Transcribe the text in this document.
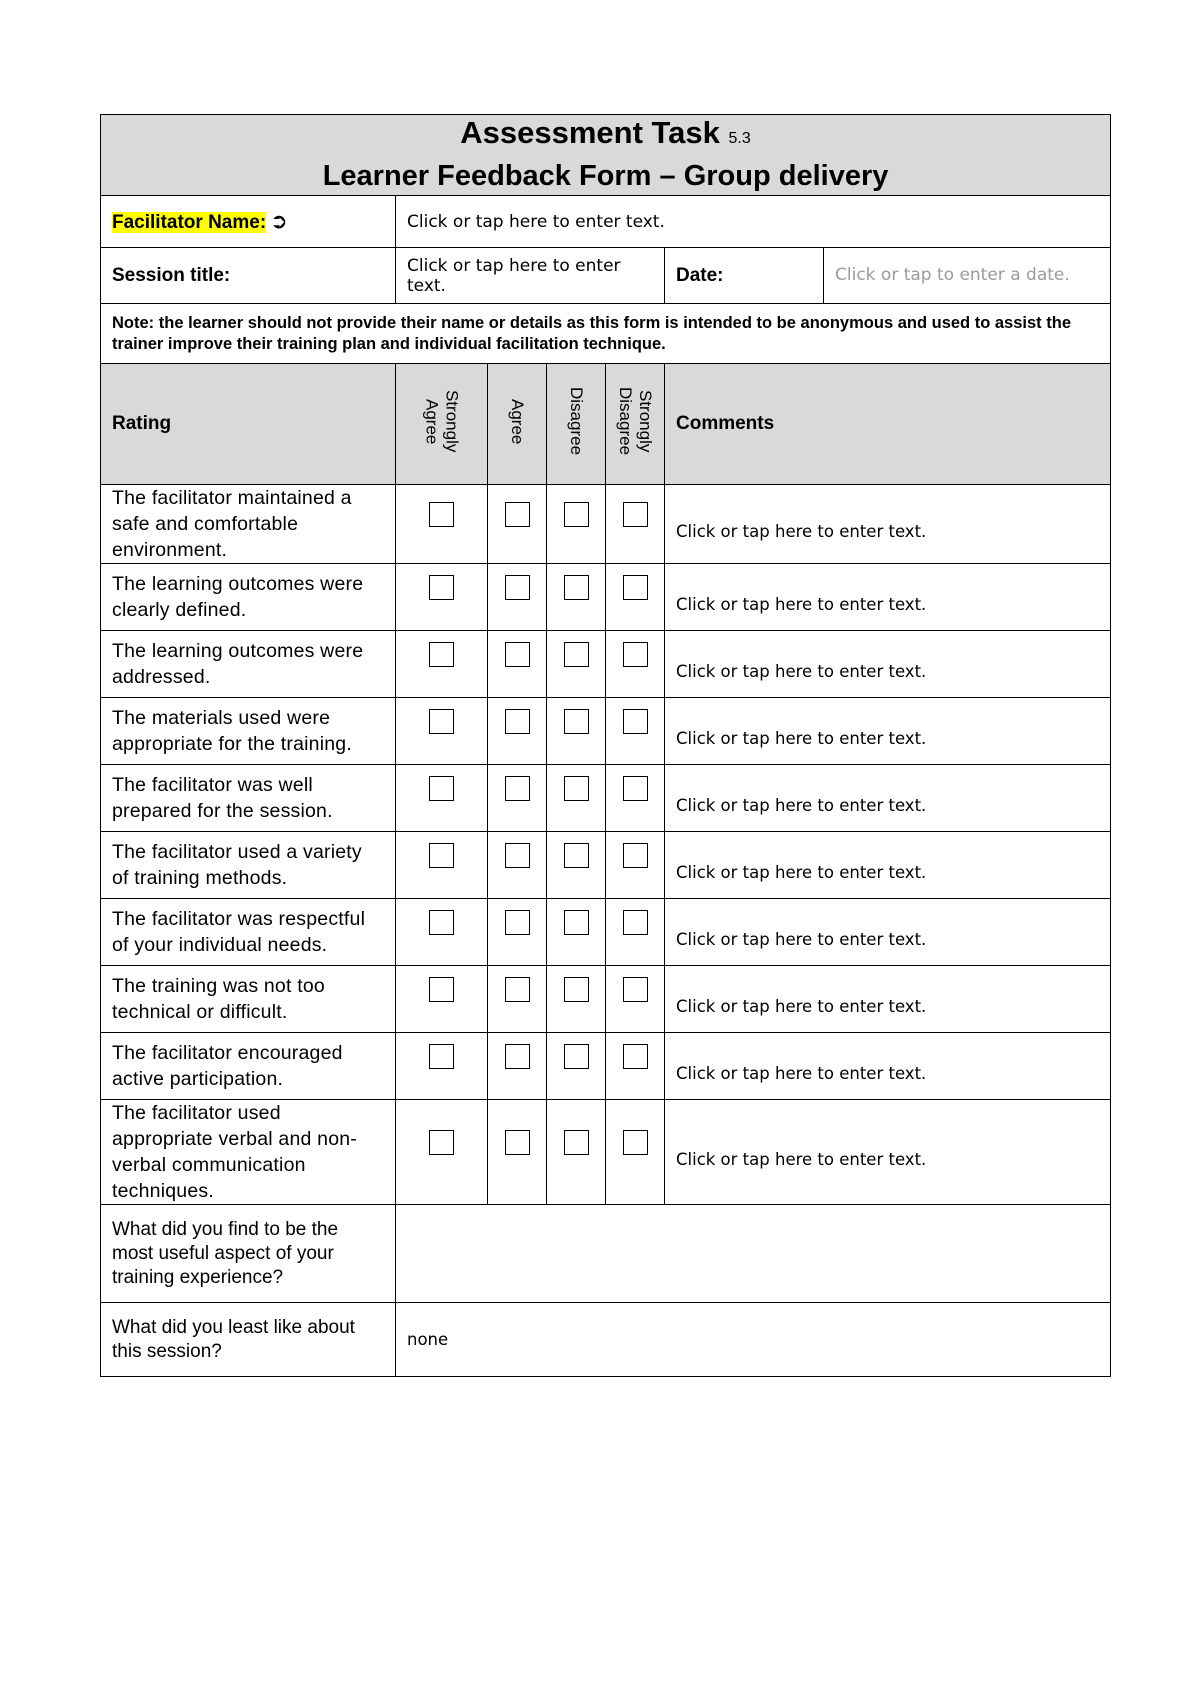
Assessment Task 5.3
Learner Feedback Form – Group delivery						

Facilitator Name: ➲	Click or tap here to enter text.					
Session title:	Click or tap here to enter text.				Date:	Click or tap to enter a date.
Note: the learner should not provide their name or details as this form is intended to be anonymous and used to assist the trainer improve their training plan and individual facilitation technique.						
Rating	Strongly Agree	Agree	Disagree	Strongly Disagree	Comments	
The facilitator maintained a safe and comfortable environment.					Click or tap here to enter text.	
The learning outcomes were clearly defined.					Click or tap here to enter text.	
The learning outcomes were addressed.					Click or tap here to enter text.	
The materials used were appropriate for the training.					Click or tap here to enter text.	
The facilitator was well prepared for the session.					Click or tap here to enter text.	
The facilitator used a variety of training methods.					Click or tap here to enter text.	
The facilitator was respectful of your individual needs.					Click or tap here to enter text.	
The training was not too technical or difficult.					Click or tap here to enter text.	
The facilitator encouraged active participation.					Click or tap here to enter text.	
The facilitator used appropriate verbal and non-verbal communication techniques.					Click or tap here to enter text.	
What did you find to be the most useful aspect of your training experience?						
What did you least like about this session?	none					
